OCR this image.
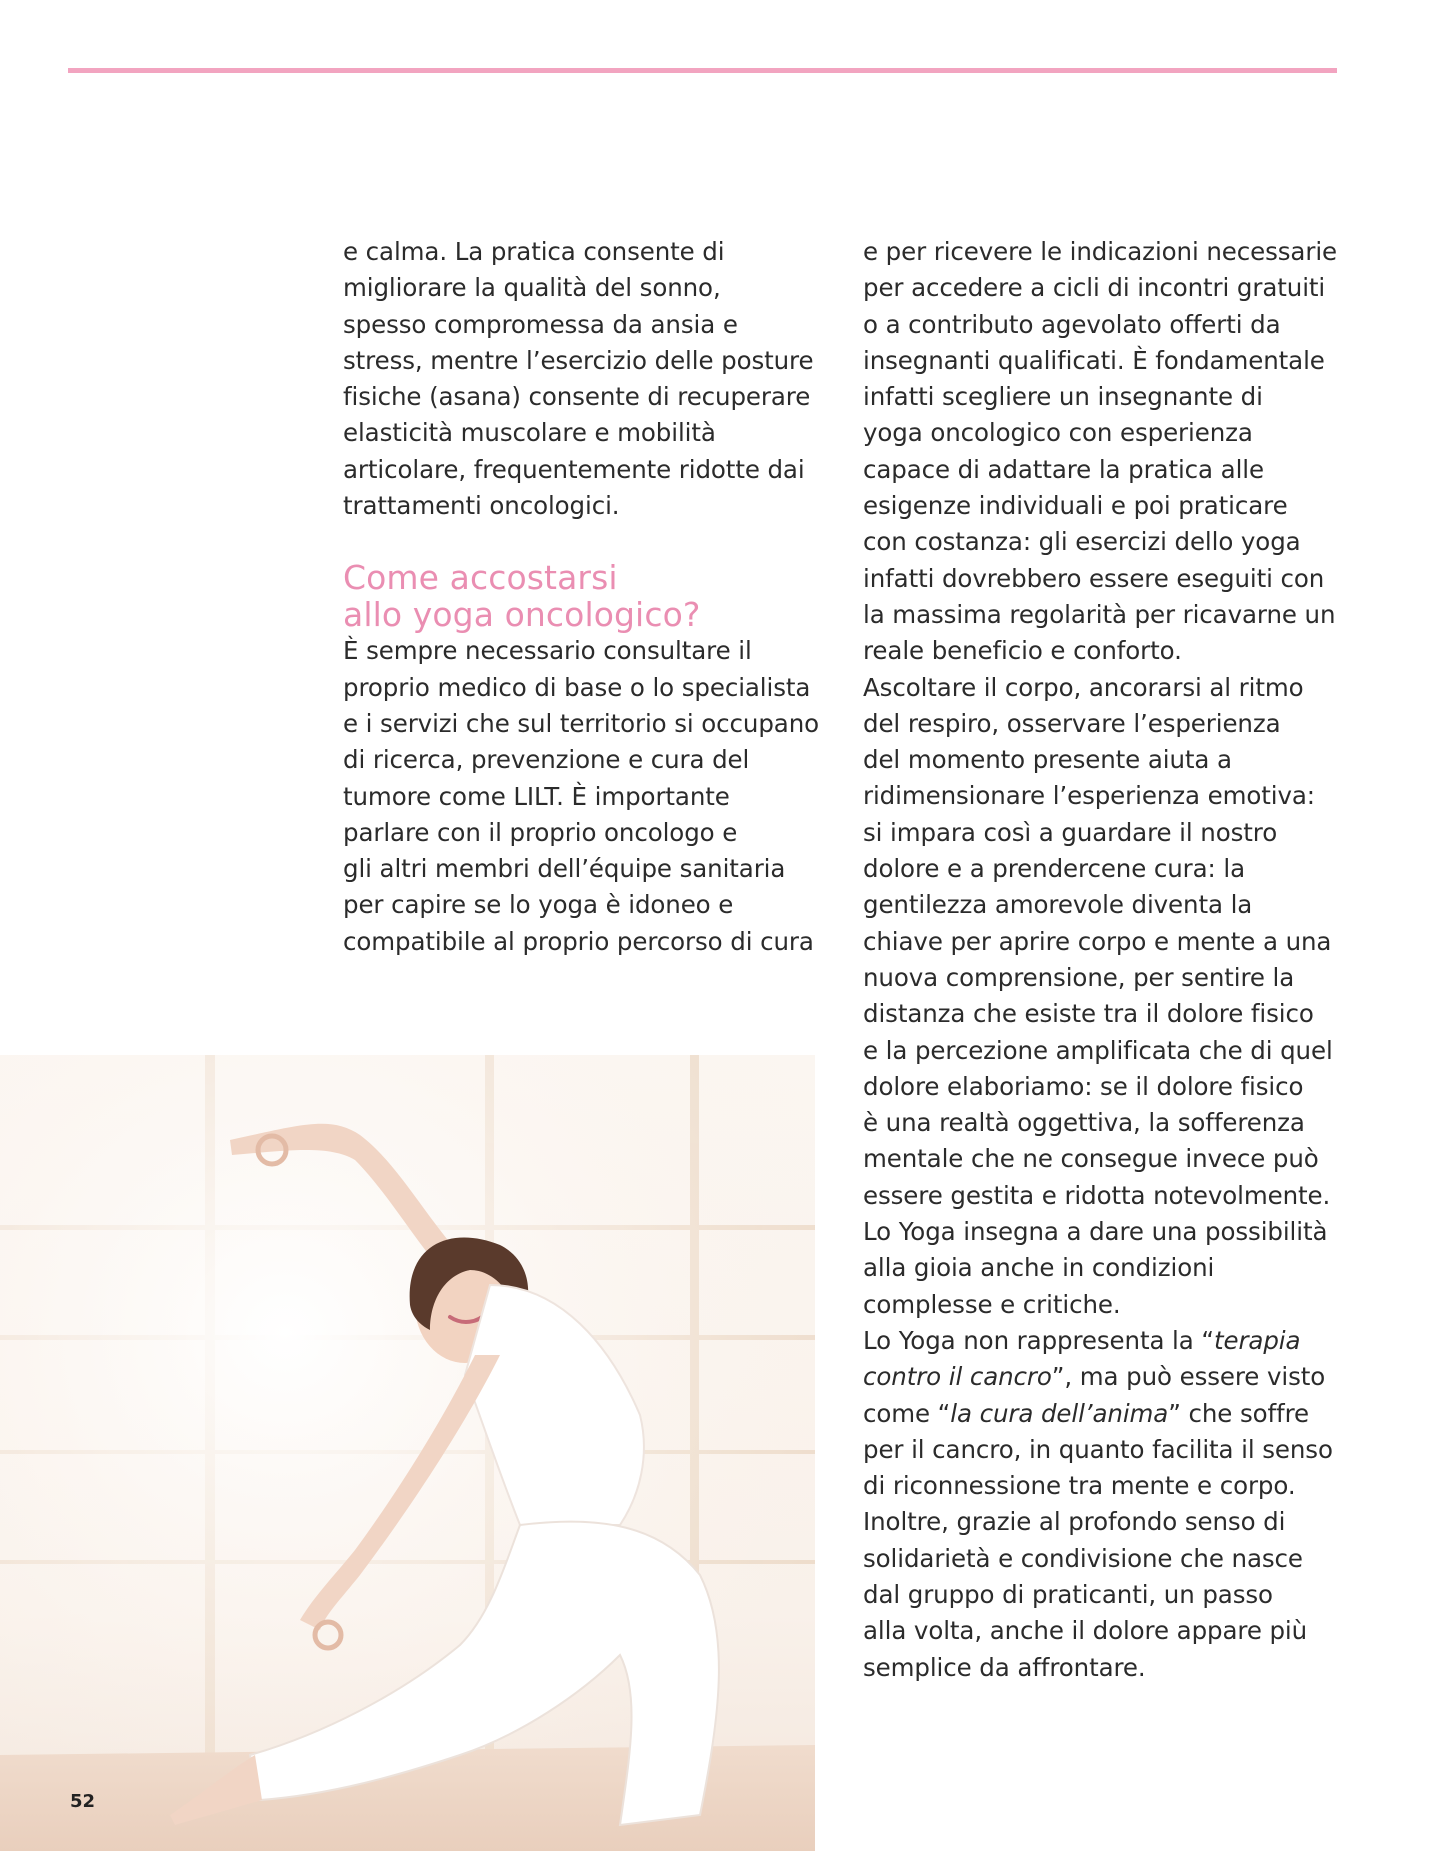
e calma. La pratica consente di
migliorare la qualità del sonno,
spesso compromessa da ansia e
stress, mentre l’esercizio delle posture
fisiche (asana) consente di recuperare
elasticità muscolare e mobilità
articolare, frequentemente ridotte dai
trattamenti oncologici.
Come accostarsi
allo yoga oncologico?
È sempre necessario consultare il
proprio medico di base o lo specialista
e i servizi che sul territorio si occupano
di ricerca, prevenzione e cura del
tumore come LILT. È importante
parlare con il proprio oncologo e
gli altri membri dell’équipe sanitaria
per capire se lo yoga è idoneo e
compatibile al proprio percorso di cura
e per ricevere le indicazioni necessarie
per accedere a cicli di incontri gratuiti
o a contributo agevolato offerti da
insegnanti qualificati. È fondamentale
infatti scegliere un insegnante di
yoga oncologico con esperienza
capace di adattare la pratica alle
esigenze individuali e poi praticare
con costanza: gli esercizi dello yoga
infatti dovrebbero essere eseguiti con
la massima regolarità per ricavarne un
reale beneficio e conforto.
Ascoltare il corpo, ancorarsi al ritmo
del respiro, osservare l’esperienza
del momento presente aiuta a
ridimensionare l’esperienza emotiva:
si impara così a guardare il nostro
dolore e a prendercene cura: la
gentilezza amorevole diventa la
chiave per aprire corpo e mente a una
nuova comprensione, per sentire la
distanza che esiste tra il dolore fisico
e la percezione amplificata che di quel
dolore elaboriamo: se il dolore fisico
è una realtà oggettiva, la sofferenza
mentale che ne consegue invece può
essere gestita e ridotta notevolmente.
Lo Yoga insegna a dare una possibilità
alla gioia anche in condizioni
complesse e critiche.
Lo Yoga non rappresenta la “terapia
contro il cancro”, ma può essere visto
come “la cura dell’anima” che soffre
per il cancro, in quanto facilita il senso
di riconnessione tra mente e corpo.
Inoltre, grazie al profondo senso di
solidarietà e condivisione che nasce
dal gruppo di praticanti, un passo
alla volta, anche il dolore appare più
semplice da affrontare.
52
